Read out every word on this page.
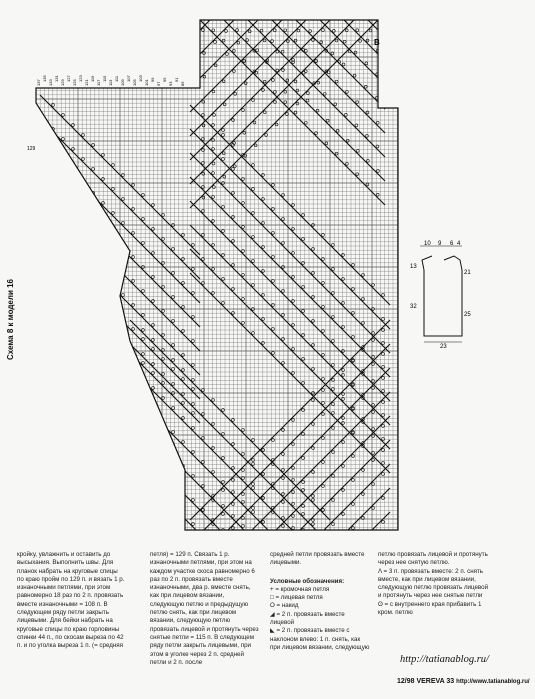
137
135
133
131
129
127
125
123
121
119
117
115
113
111
109
107
105
103
101 99
97
95
93
91
89
129
B
Схема 8 к модели 16
10 9 6 4
13
32
21
25
23
кройку, увлажнить и оставить до высыхания. Выполнить швы. Для планок набрать на круговые спицы по краю пройм по 129 п. и вязать 1 р. изнаночными петлями, при этом равномерно 18 раз по 2 п. провязать вместе изнаночными = 108 п. В следующем ряду петли закрыть лицевыми. Для бейки набрать на круговые спицы по краю горловины спинки 44 п., по скосам выреза по 42 п. и по уголка выреза 1 п. (= средняя
петля) = 129 п. Связать 1 р. изнаночными петлями, при этом на каждом участке скоса равномерно 6 раз по 2 п. провязать вместе изнаночными, два р. вместе снять, как при лицевом вязании, следующую петлю и предыдущую петлю снять, как при лицевом вязании, следующую петлю провязать лицевой и протянуть через снятые петли = 115 п. В следующем ряду петли закрыть лицевыми, при этом в уголке через 2 п. средней петли и 2 п. после
средней петли провязать вместе лицевыми.
Условные обозначения:
+ = кромочная петля
□ = лицевая петля
O = накид
◢ = 2 п. провязать вместе лицевой
◣ = 2 п. провязать вместе с наклоном влево: 1 п. снять, как при лицевом вязании, следующую
петлю провязать лицевой и протянуть через нее снятую петлю.
Λ = 3 п. провязать вместе: 2 п. снять вместе, как при лицевом вязании, следующую петлю провязать лицевой и протянуть через нее снятые петли
ʘ = с внутреннего края прибавить 1 кром. петлю
http://tatianablog.ru/
12/98 VEREVA 33 http://www.tatianablog.ru/
